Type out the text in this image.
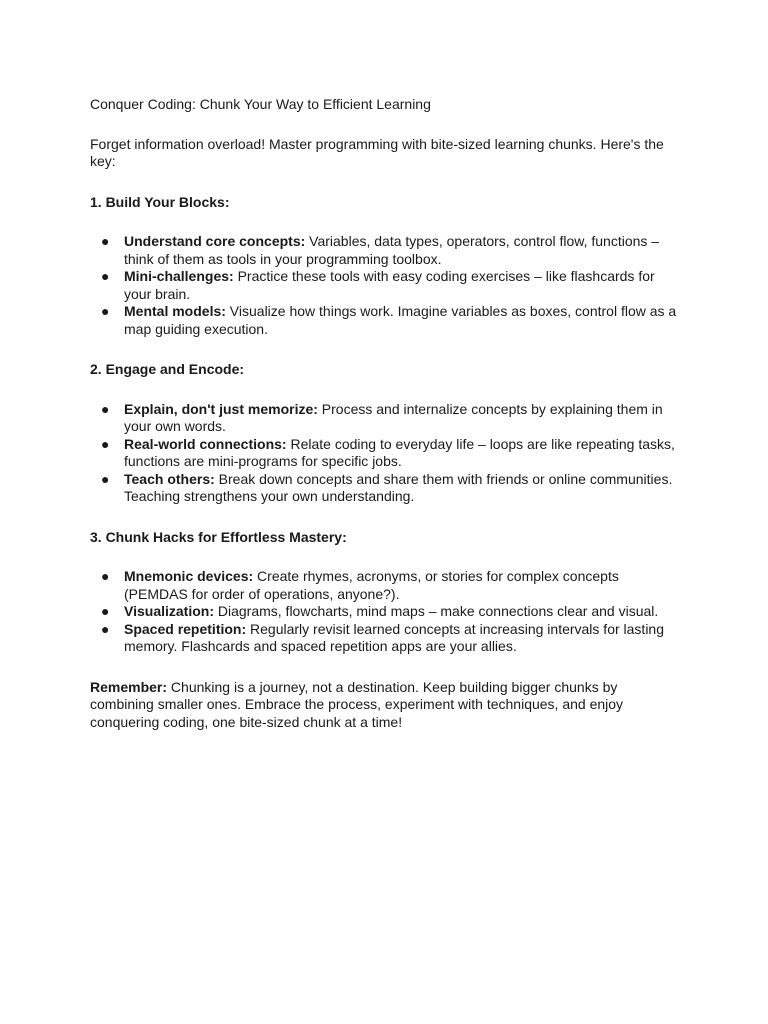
Conquer Coding: Chunk Your Way to Efficient Learning

Forget information overload! Master programming with bite-sized learning chunks. Here's the key:

1. Build Your Blocks:

● Understand core concepts: Variables, data types, operators, control flow, functions – think of them as tools in your programming toolbox.
● Mini-challenges: Practice these tools with easy coding exercises – like flashcards for your brain.
● Mental models: Visualize how things work. Imagine variables as boxes, control flow as a map guiding execution.

2. Engage and Encode:

● Explain, don't just memorize: Process and internalize concepts by explaining them in your own words.
● Real-world connections: Relate coding to everyday life – loops are like repeating tasks, functions are mini-programs for specific jobs.
● Teach others: Break down concepts and share them with friends or online communities. Teaching strengthens your own understanding.

3. Chunk Hacks for Effortless Mastery:

● Mnemonic devices: Create rhymes, acronyms, or stories for complex concepts (PEMDAS for order of operations, anyone?).
● Visualization: Diagrams, flowcharts, mind maps – make connections clear and visual.
● Spaced repetition: Regularly revisit learned concepts at increasing intervals for lasting memory. Flashcards and spaced repetition apps are your allies.

Remember: Chunking is a journey, not a destination. Keep building bigger chunks by combining smaller ones. Embrace the process, experiment with techniques, and enjoy conquering coding, one bite-sized chunk at a time!
